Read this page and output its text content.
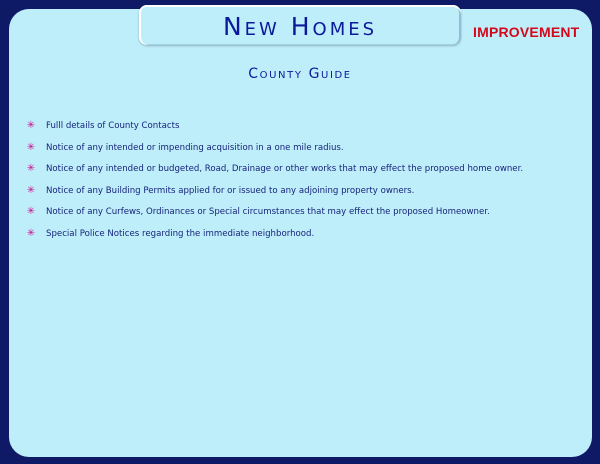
New Homes	IMPROVEMENT
County Guide
✳ Fulll details of County Contacts
✳ Notice of any intended or impending acquisition in a one mile radius.
✳ Notice of any intended or budgeted, Road, Drainage or other works that may effect the proposed home owner.
✳ Notice of any Building Permits applied for or issued to any adjoining property owners.
✳ Notice of any Curfews, Ordinances or Special circumstances that may effect the proposed Homeowner.
✳ Special Police Notices regarding the immediate neighborhood.
